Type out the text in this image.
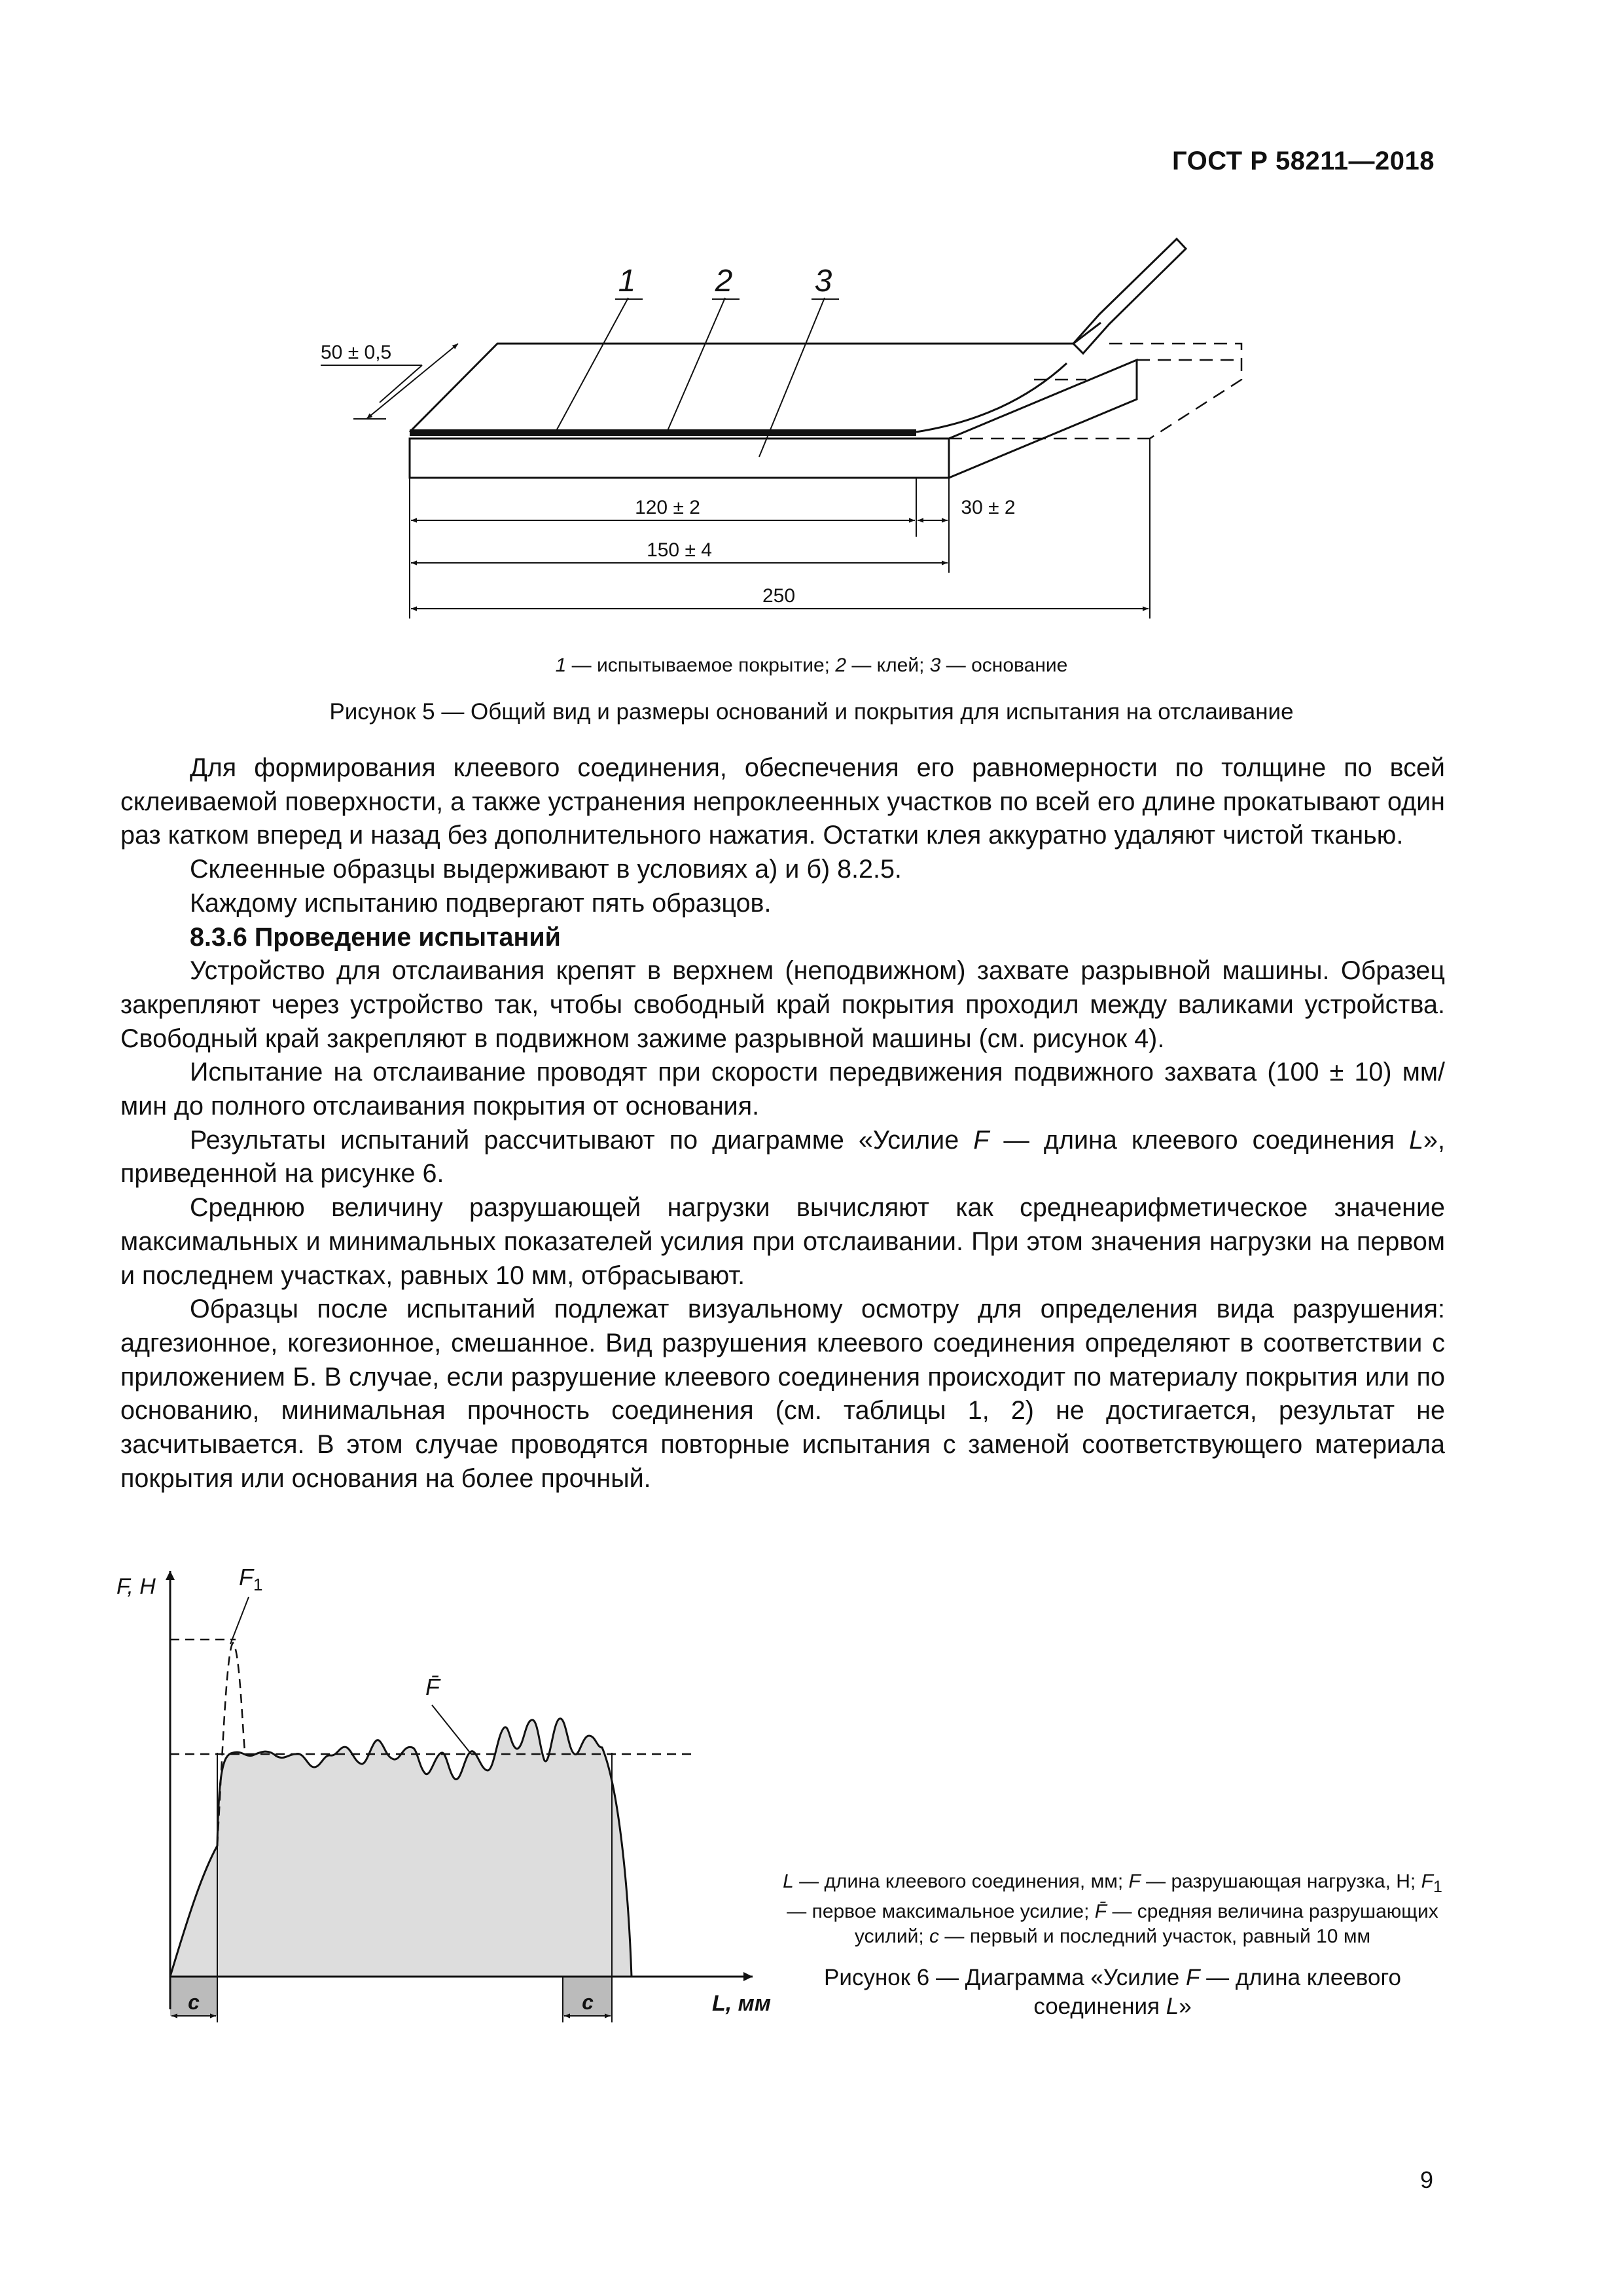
ГОСТ Р 58211—2018
1	2	3
50 ± 0,5
120 ± 2	30 ± 2
150 ± 4
250
1 — испытываемое покрытие; 2 — клей; 3 — основание
Рисунок 5 — Общий вид и размеры оснований и покрытия для испытания на отслаивание

Для формирования клеевого соединения, обеспечения его равномерности по толщине по всей склеиваемой поверхности, а также устранения непроклеенных участков по всей его длине прокатывают один раз катком вперед и назад без дополнительного нажатия. Остатки клея аккуратно удаляют чистой тканью.

Склеенные образцы выдерживают в условиях а) и б) 8.2.5.

Каждому испытанию подвергают пять образцов.

8.3.6 Проведение испытаний

Устройство для отслаивания крепят в верхнем (неподвижном) захвате разрывной машины. Образец закрепляют через устройство так, чтобы свободный край покрытия проходил между валиками устройства. Свободный край закрепляют в подвижном зажиме разрывной машины (см. рисунок 4).

Испытание на отслаивание проводят при скорости передвижения подвижного захвата (100 ± 10) мм/мин до полного отслаивания покрытия от основания.

Результаты испытаний рассчитывают по диаграмме «Усилие F — длина клеевого соединения L», приведенной на рисунке 6.

Среднюю величину разрушающей нагрузки вычисляют как среднеарифметическое значение максимальных и минимальных показателей усилия при отслаивании. При этом значения нагрузки на первом и последнем участках, равных 10 мм, отбрасывают.

Образцы после испытаний подлежат визуальному осмотру для определения вида разрушения: адгезионное, когезионное, смешанное. Вид разрушения клеевого соединения определяют в соответствии с приложением Б. В случае, если разрушение клеевого соединения происходит по материалу покрытия или по основанию, минимальная прочность соединения (см. таблицы 1, 2) не достигается, результат не засчитывается. В этом случае проводятся повторные испытания с заменой соответствующего материала покрытия или основания на более прочный.

F, Н	$F_1$
F̄
L, мм
c	c
L — длина клеевого соединения, мм; F — разрушающая нагрузка, Н; $F_1$ — первое максимальное усилие; F̄ — средняя величина разрушающих усилий; c — первый и последний участок, равный 10 мм
Рисунок 6 — Диаграмма «Усилие F — длина клеевого соединения L»
9
